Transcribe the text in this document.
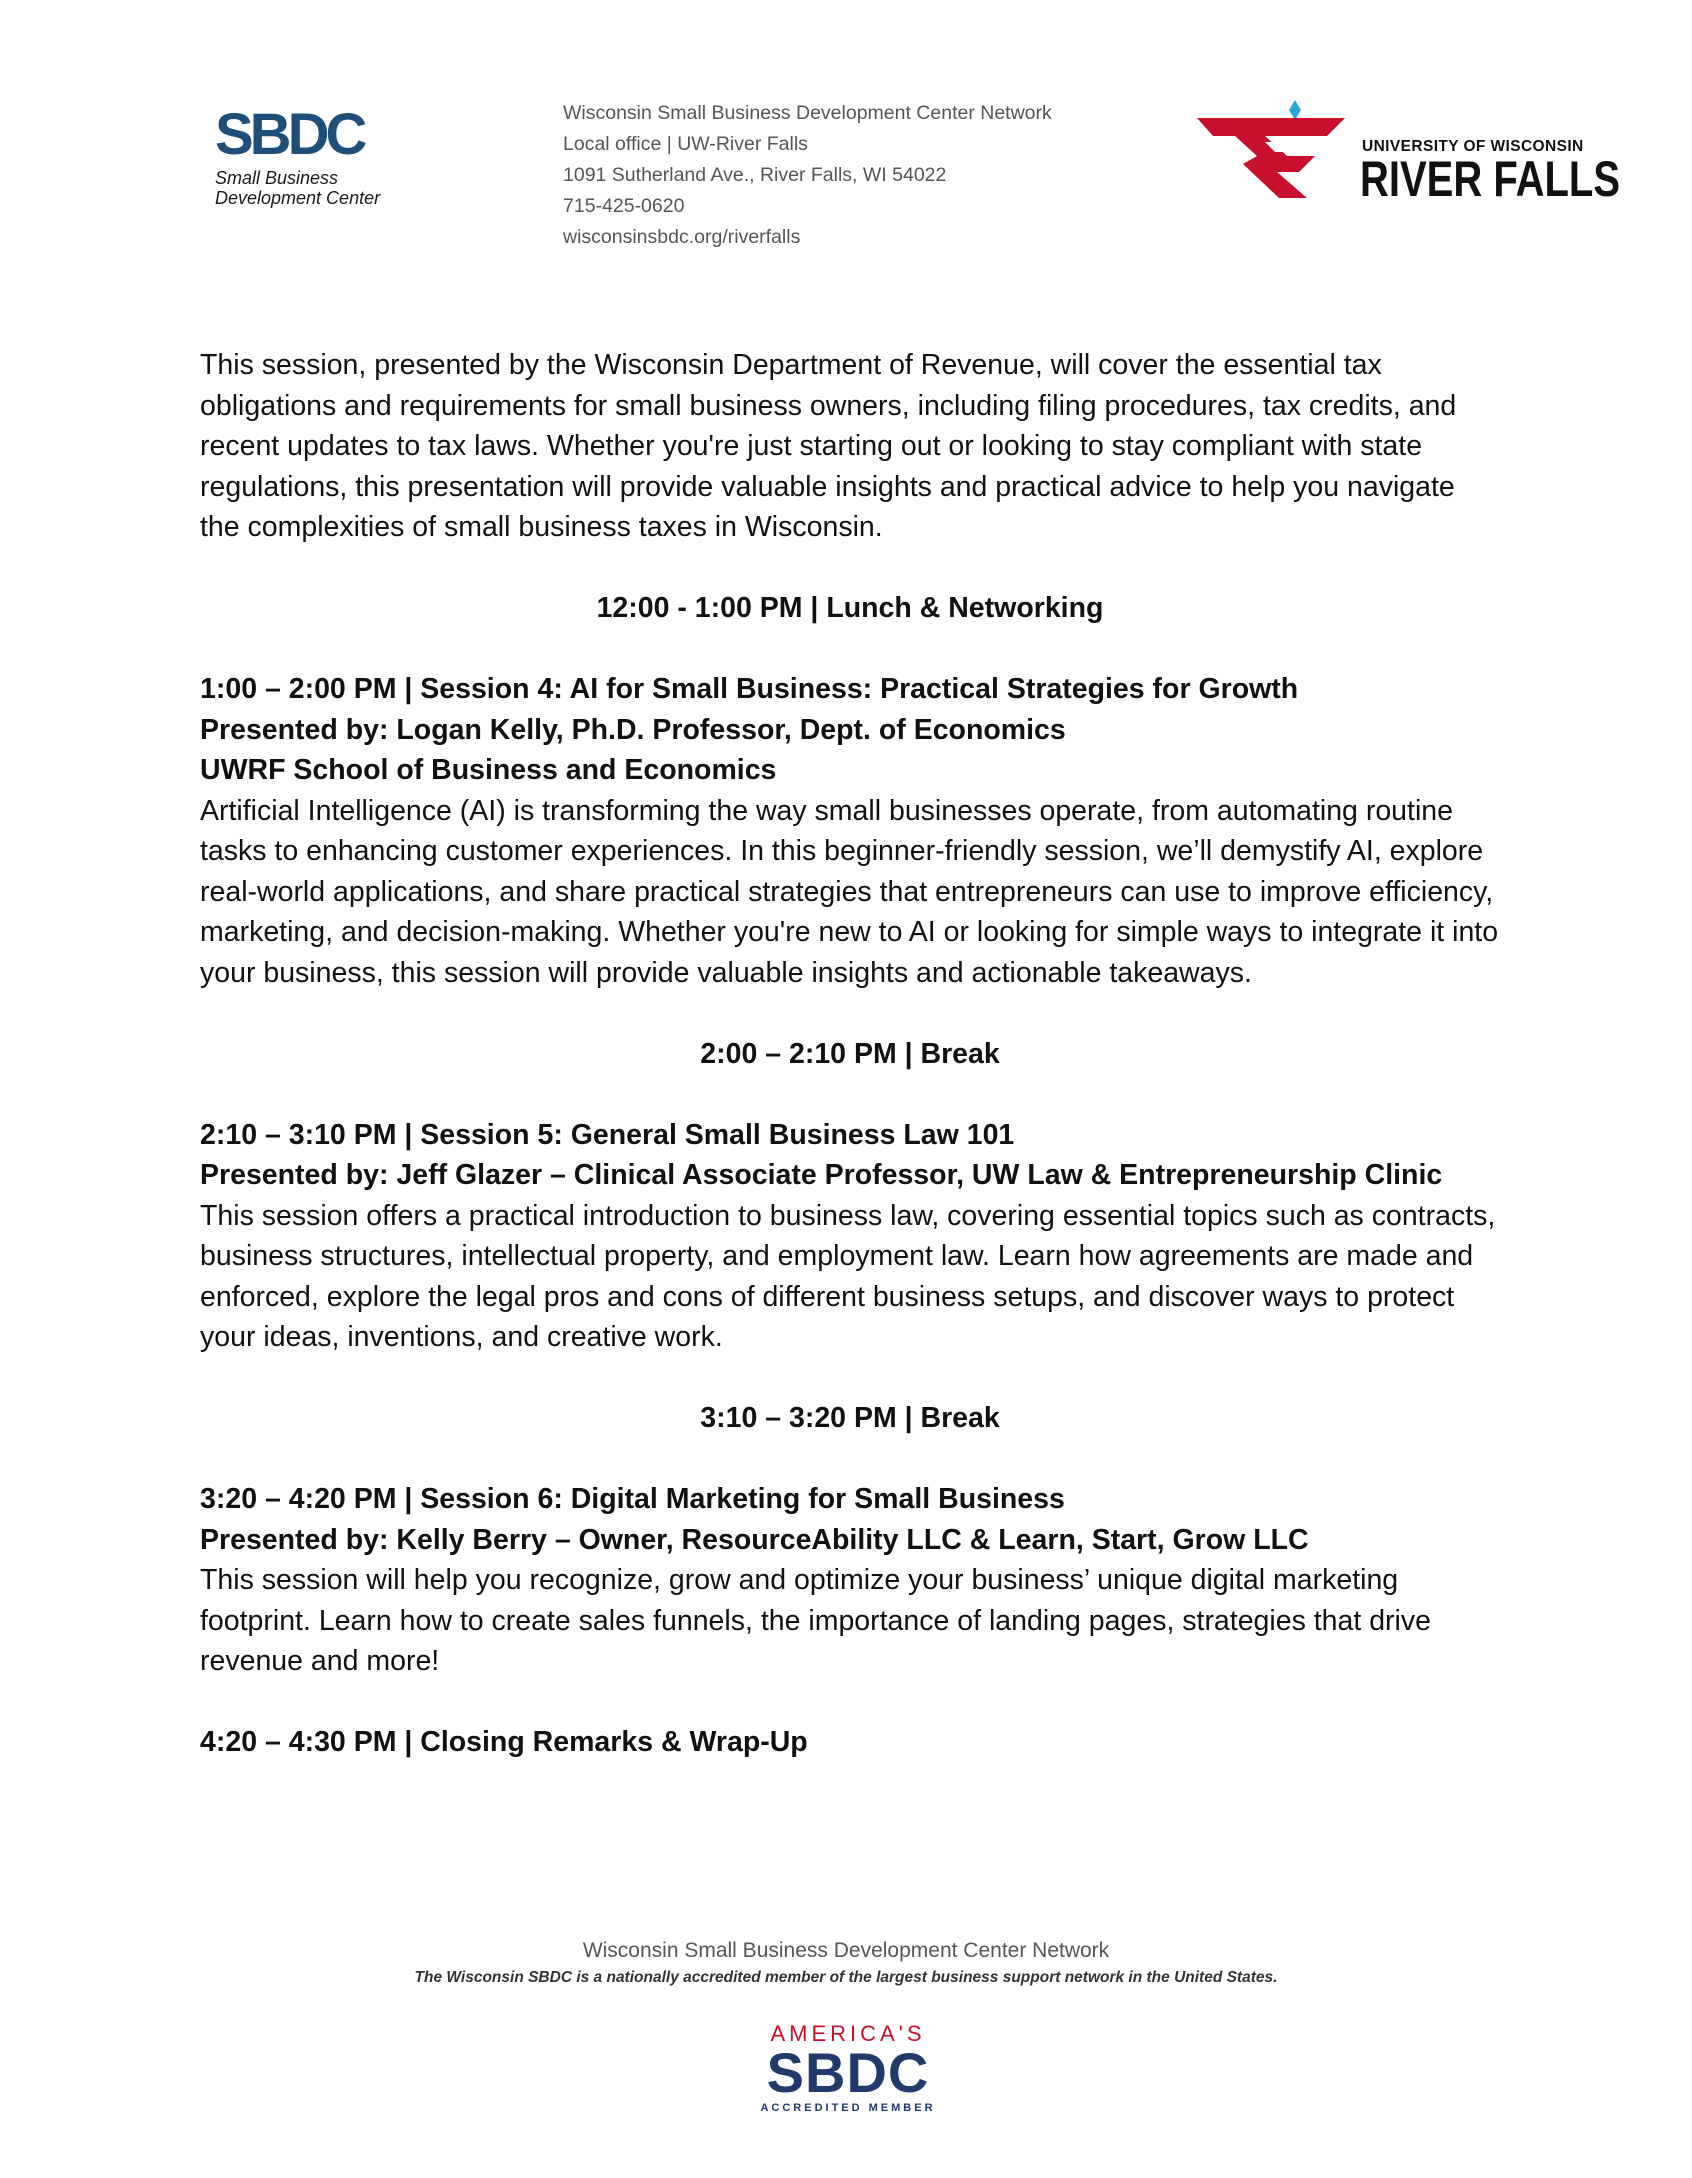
SBDC
Small Business
Development Center
Wisconsin Small Business Development Center Network
Local office | UW-River Falls
1091 Sutherland Ave., River Falls, WI 54022
715-425-0620
wisconsinsbdc.org/riverfalls
UNIVERSITY OF WISCONSIN
RIVER FALLS

This session, presented by the Wisconsin Department of Revenue, will cover the essential tax obligations and requirements for small business owners, including filing procedures, tax credits, and recent updates to tax laws. Whether you're just starting out or looking to stay compliant with state regulations, this presentation will provide valuable insights and practical advice to help you navigate the complexities of small business taxes in Wisconsin.

12:00 - 1:00 PM | Lunch & Networking

1:00 – 2:00 PM | Session 4: AI for Small Business: Practical Strategies for Growth

Presented by: Logan Kelly, Ph.D. Professor, Dept. of Economics

UWRF School of Business and Economics

Artificial Intelligence (AI) is transforming the way small businesses operate, from automating routine tasks to enhancing customer experiences. In this beginner-friendly session, we’ll demystify AI, explore real-world applications, and share practical strategies that entrepreneurs can use to improve efficiency, marketing, and decision-making. Whether you're new to AI or looking for simple ways to integrate it into your business, this session will provide valuable insights and actionable takeaways.

2:00 – 2:10 PM | Break

2:10 – 3:10 PM | Session 5: General Small Business Law 101

Presented by: Jeff Glazer – Clinical Associate Professor, UW Law & Entrepreneurship Clinic

This session offers a practical introduction to business law, covering essential topics such as contracts, business structures, intellectual property, and employment law. Learn how agreements are made and enforced, explore the legal pros and cons of different business setups, and discover ways to protect your ideas, inventions, and creative work.

3:10 – 3:20 PM | Break

3:20 – 4:20 PM | Session 6: Digital Marketing for Small Business

Presented by: Kelly Berry – Owner, ResourceAbility LLC & Learn, Start, Grow LLC

This session will help you recognize, grow and optimize your business’ unique digital marketing footprint. Learn how to create sales funnels, the importance of landing pages, strategies that drive revenue and more!

4:20 – 4:30 PM | Closing Remarks & Wrap-Up

Wisconsin Small Business Development Center Network
The Wisconsin SBDC is a nationally accredited member of the largest business support network in the United States.
AMERICA'S
SBDC
ACCREDITED MEMBER
